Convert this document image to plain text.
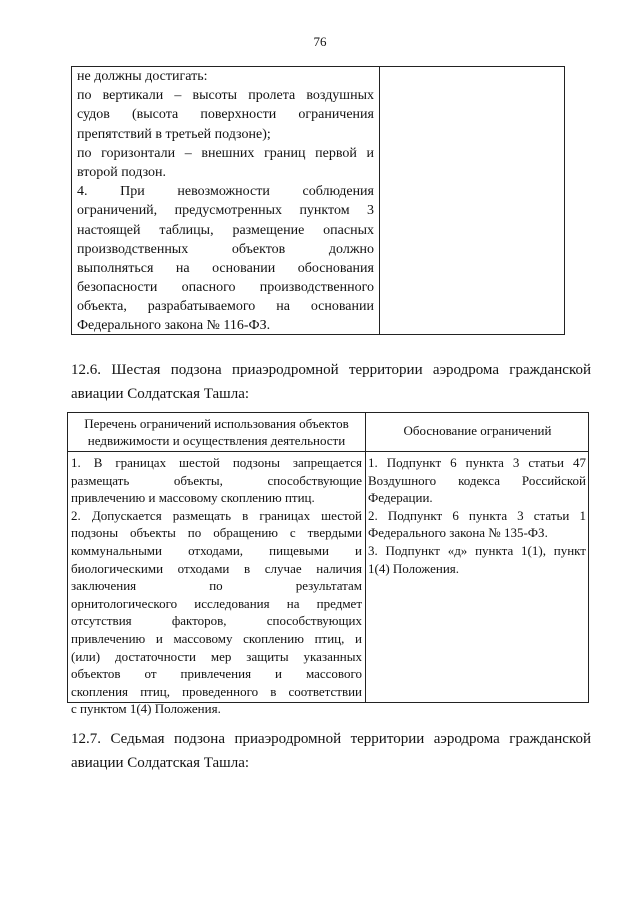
76
не должны достигать:
по вертикали – высоты пролета воздушных
судов (высота поверхности ограничения
препятствий в третьей подзоне);
по горизонтали – внешних границ первой и
второй подзон.
4. При невозможности соблюдения
ограничений, предусмотренных пунктом 3
настоящей таблицы, размещение опасных
производственных объектов должно
выполняться на основании обоснования
безопасности опасного производственного
объекта, разрабатываемого на основании
Федерального закона № 116-ФЗ.
12.6. Шестая подзона приаэродромной территории аэродрома гражданской
авиации Солдатская Ташла:
Перечень ограничений использования объектов
недвижимости и осуществления деятельности
Обоснование ограничений
1. В границах шестой подзоны запрещается
размещать объекты, способствующие
привлечению и массовому скоплению птиц.
2. Допускается размещать в границах шестой
подзоны объекты по обращению с твердыми
коммунальными отходами, пищевыми и
биологическими отходами в случае наличия
заключения по результатам
орнитологического исследования на предмет
отсутствия факторов, способствующих
привлечению и массовому скоплению птиц, и
(или) достаточности мер защиты указанных
объектов от привлечения и массового
скопления птиц, проведенного в соответствии
с пунктом 1(4) Положения.
1. Подпункт 6 пункта 3 статьи 47
Воздушного кодекса Российской
Федерации.
2. Подпункт 6 пункта 3 статьи 1
Федерального закона № 135-ФЗ.
3. Подпункт «д» пункта 1(1), пункт
1(4) Положения.
12.7. Седьмая подзона приаэродромной территории аэродрома гражданской
авиации Солдатская Ташла:
